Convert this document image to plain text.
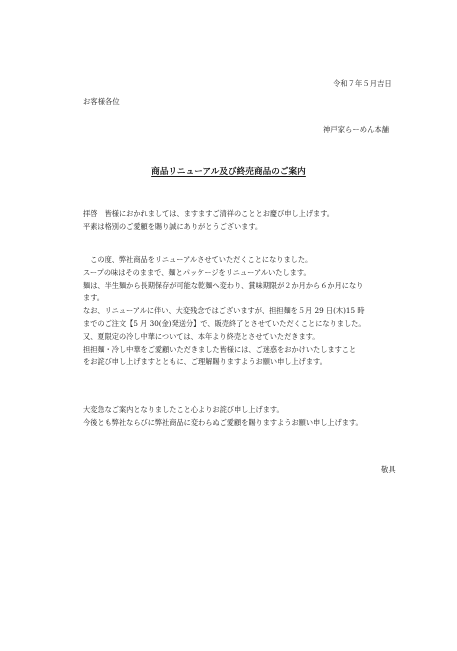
令和７年５月吉日
お客様各位
神戸家らーめん本舗
商品リニューアル及び終売商品のご案内
拝啓　皆様におかれましては、ますますご清祥のこととお慶び申し上げます。
平素は格別のご愛顧を賜り誠にありがとうございます。
　この度、弊社商品をリニューアルさせていただくことになりました。
スープの味はそのままで、麺とパッケージをリニューアルいたします。
麺は、半生麺から長期保存が可能な乾麺へ変わり、賞味期限が２か月から６か月になり
ます。
なお、リニューアルに伴い、大変残念ではございますが、担担麺を５月 29 日(木)15 時
までのご注文【5 月 30(金)発送分】で、販売終了とさせていただくことになりました。
又、夏限定の冷し中華については、本年より終売とさせていただきます。
担担麺・冷し中華をご愛顧いただきました皆様には、ご迷惑をおかけいたしますこと
をお詫び申し上げますとともに、ご理解賜りますようお願い申し上げます。
大変急なご案内となりましたこと心よりお詫び申し上げます。
今後とも弊社ならびに弊社商品に変わらぬご愛顧を賜りますようお願い申し上げます。
敬具
